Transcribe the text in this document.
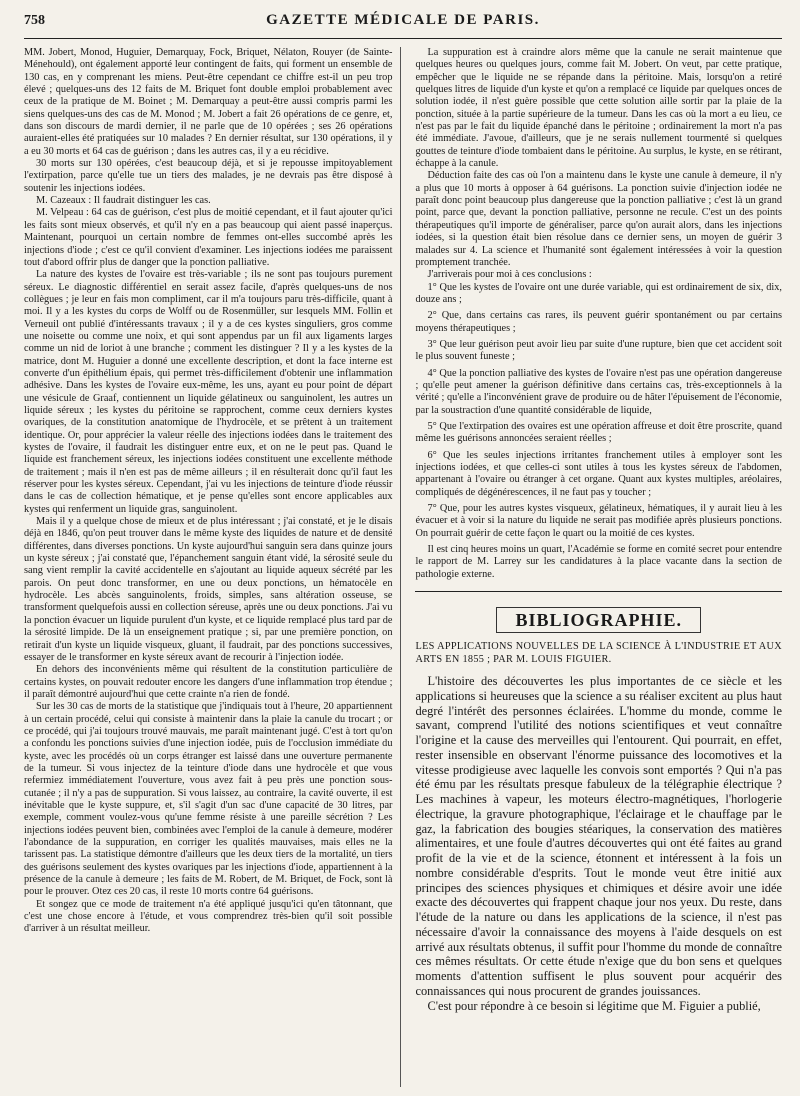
758	GAZETTE MÉDICALE DE PARIS.

MM. Jobert, Monod, Huguier, Demarquay, Fock, Briquet, Nélaton, Rouyer (de Sainte-Ménehould), ont également apporté leur contingent de faits, qui forment un ensemble de 130 cas, en y comprenant les miens. Peut-être cependant ce chiffre est-il un peu trop élevé ; quelques-uns des 12 faits de M. Briquet font double emploi probablement avec ceux de la pratique de M. Boinet ; M. Demarquay a peut-être aussi compris parmi les siens quelques-uns des cas de M. Monod ; M. Jobert a fait 26 opérations de ce genre, et, dans son discours de mardi dernier, il ne parle que de 10 opérées ; ses 26 opérations auraient-elles été pratiquées sur 10 malades ? En dernier résultat, sur 130 opérations, il y a eu 30 morts et 64 cas de guérison ; dans les autres cas, il y a eu récidive.

30 morts sur 130 opérées, c'est beaucoup déjà, et si je repousse impitoyablement l'extirpation, parce qu'elle tue un tiers des malades, je ne devrais pas être disposé à soutenir les injections iodées.

M. Cazeaux : Il faudrait distinguer les cas.

M. Velpeau : 64 cas de guérison, c'est plus de moitié cependant, et il faut ajouter qu'ici les faits sont mieux observés, et qu'il n'y en a pas beaucoup qui aient passé inaperçus. Maintenant, pourquoi un certain nombre de femmes ont-elles succombé après les injections d'iode ; c'est ce qu'il convient d'examiner. Les injections iodées me paraissent tout d'abord offrir plus de danger que la ponction palliative.

La nature des kystes de l'ovaire est très-variable ; ils ne sont pas toujours purement séreux. Le diagnostic différentiel en serait assez facile, d'après quelques-uns de nos collègues ; je leur en fais mon compliment, car il m'a toujours paru très-difficile, quant à moi. Il y a les kystes du corps de Wolff ou de Rosenmüller, sur lesquels MM. Follin et Verneuil ont publié d'intéressants travaux ; il y a de ces kystes singuliers, gros comme une noisette ou comme une noix, et qui sont appendus par un fil aux ligaments larges comme un nid de loriot à une branche ; comment les distinguer ? Il y a les kystes de la matrice, dont M. Huguier a donné une excellente description, et dont la face interne est converte d'un épithélium épais, qui permet très-difficilement d'obtenir une inflammation adhésive. Dans les kystes de l'ovaire eux-même, les uns, ayant eu pour point de départ une vésicule de Graaf, contiennent un liquide gélatineux ou sanguinolent, les autres un liquide séreux ; les kystes du péritoine se rapprochent, comme ceux derniers kystes ovariques, de la constitution anatomique de l'hydrocèle, et se prêtent à un traitement identique. Or, pour apprécier la valeur réelle des injections iodées dans le traitement des kystes de l'ovaire, il faudrait les distinguer entre eux, et on ne le peut pas. Quand le liquide est franchement séreux, les injections iodées constituent une excellente méthode de traitement ; mais il n'en est pas de même ailleurs ; il en résulterait donc qu'il faut les réserver pour les kystes séreux. Cependant, j'ai vu les injections de teinture d'iode réussir dans le cas de collection hématique, et je pense qu'elles sont encore applicables aux kystes qui renferment un liquide gras, sanguinolent.

Mais il y a quelque chose de mieux et de plus intéressant ; j'ai constaté, et je le disais déjà en 1846, qu'on peut trouver dans le même kyste des liquides de nature et de densité différentes, dans diverses ponctions. Un kyste aujourd'hui sanguin sera dans quinze jours un kyste séreux ; j'ai constaté que, l'épanchement sanguin étant vidé, la sérosité seule du sang vient remplir la cavité accidentelle en s'ajoutant au liquide aqueux sécrété par les parois. On peut donc transformer, en une ou deux ponctions, un hématocèle en hydrocèle. Les abcès sanguinolents, froids, simples, sans altération osseuse, se transforment quelquefois aussi en collection séreuse, après une ou deux ponctions. J'ai vu la ponction évacuer un liquide purulent d'un kyste, et ce liquide remplacé plus tard par de la sérosité limpide. De là un enseignement pratique ; si, par une première ponction, on retirait d'un kyste un liquide visqueux, gluant, il faudrait, par des ponctions successives, essayer de le transformer en kyste séreux avant de recourir à l'injection iodée.

En dehors des inconvénients même qui résultent de la constitution particulière de certains kystes, on pouvait redouter encore les dangers d'une inflammation trop étendue ; il paraît démontré aujourd'hui que cette crainte n'a rien de fondé.

Sur les 30 cas de morts de la statistique que j'indiquais tout à l'heure, 20 appartiennent à un certain procédé, celui qui consiste à maintenir dans la plaie la canule du trocart ; or ce procédé, qui j'ai toujours trouvé mauvais, me paraît maintenant jugé. C'est à tort qu'on a confondu les ponctions suivies d'une injection iodée, puis de l'occlusion immédiate du kyste, avec les procédés où un corps étranger est laissé dans une ouverture permanente de la tumeur. Si vous injectez de la teinture d'iode dans une hydrocèle et que vous refermiez immédiatement l'ouverture, vous avez fait à peu près une ponction sous-cutanée ; il n'y a pas de suppuration. Si vous laissez, au contraire, la cavité ouverte, il est inévitable que le kyste suppure, et, s'il s'agit d'un sac d'une capacité de 30 litres, par exemple, comment voulez-vous qu'une femme résiste à une pareille sécrétion ? Les injections iodées peuvent bien, combinées avec l'emploi de la canule à demeure, modérer l'abondance de la suppuration, en corriger les qualités mauvaises, mais elles ne la tarissent pas. La statistique démontre d'ailleurs que les deux tiers de la mortalité, un tiers des guérisons seulement des kystes ovariques par les injections d'iode, appartiennent à la présence de la canule à demeure ; les faits de M. Robert, de M. Briquet, de Fock, sont là pour le prouver. Otez ces 20 cas, il reste 10 morts contre 64 guérisons.

Et songez que ce mode de traitement n'a été appliqué jusqu'ici qu'en tâtonnant, que c'est une chose encore à l'étude, et vous comprendrez très-bien qu'il soit possible d'arriver à un résultat meilleur.

La suppuration est à craindre alors même que la canule ne serait maintenue que quelques heures ou quelques jours, comme fait M. Jobert. On veut, par cette pratique, empêcher que le liquide ne se répande dans la péritoine. Mais, lorsqu'on a retiré quelques litres de liquide d'un kyste et qu'on a remplacé ce liquide par quelques onces de solution iodée, il n'est guère possible que cette solution aille sortir par la plaie de la ponction, située à la partie supérieure de la tumeur. Dans les cas où la mort a eu lieu, ce n'est pas par le fait du liquide épanché dans le péritoine ; ordinairement la mort n'a pas été immédiate. J'avoue, d'ailleurs, que je ne serais nullement tourmenté si quelques gouttes de teinture d'iode tombaient dans le péritoine. Au surplus, le kyste, en se rétirant, échappe à la canule.

Déduction faite des cas où l'on a maintenu dans le kyste une canule à demeure, il n'y a plus que 10 morts à opposer à 64 guérisons. La ponction suivie d'injection iodée ne paraît donc point beaucoup plus dangereuse que la ponction palliative ; c'est là un grand point, parce que, devant la ponction palliative, personne ne recule. C'est un des points thérapeutiques qu'il importe de généraliser, parce qu'on aurait alors, dans les injections iodées, si la question était bien résolue dans ce dernier sens, un moyen de guérir 3 malades sur 4. La science et l'humanité sont également intéressées à voir la question promptement tranchée.

J'arriverais pour moi à ces conclusions :

1° Que les kystes de l'ovaire ont une durée variable, qui est ordinairement de six, dix, douze ans ;

2° Que, dans certains cas rares, ils peuvent guérir spontanément ou par certains moyens thérapeutiques ;

3° Que leur guérison peut avoir lieu par suite d'une rupture, bien que cet accident soit le plus souvent funeste ;

4° Que la ponction palliative des kystes de l'ovaire n'est pas une opération dangereuse ; qu'elle peut amener la guérison définitive dans certains cas, très-exceptionnels à la vérité ; qu'elle a l'inconvénient grave de produire ou de hâter l'épuisement de l'économie, par la soustraction d'une quantité considérable de liquide,

5° Que l'extirpation des ovaires est une opération affreuse et doit être proscrite, quand même les guérisons annoncées seraient réelles ;

6° Que les seules injections irritantes franchement utiles à employer sont les injections iodées, et que celles-ci sont utiles à tous les kystes séreux de l'abdomen, appartenant à l'ovaire ou étranger à cet organe. Quant aux kystes multiples, aréolaires, compliqués de dégénérescences, il ne faut pas y toucher ;

7° Que, pour les autres kystes visqueux, gélatineux, hématiques, il y aurait lieu à les évacuer et à voir si la nature du liquide ne serait pas modifiée après plusieurs ponctions. On pourrait guérir de cette façon le quart ou la moitié de ces kystes.

Il est cinq heures moins un quart, l'Académie se forme en comité secret pour entendre le rapport de M. Larrey sur les candidatures à la place vacante dans la section de pathologie externe.

BIBLIOGRAPHIE.
LES APPLICATIONS NOUVELLES DE LA SCIENCE À L'INDUSTRIE ET AUX ARTS EN 1855 ; PAR M. LOUIS FIGUIER.

L'histoire des découvertes les plus importantes de ce siècle et les applications si heureuses que la science a su réaliser excitent au plus haut degré l'intérêt des personnes éclairées. L'homme du monde, comme le savant, comprend l'utilité des notions scientifiques et veut connaître l'origine et la cause des merveilles qui l'entourent. Qui pourrait, en effet, rester insensible en observant l'énorme puissance des locomotives et la vitesse prodigieuse avec laquelle les convois sont emportés ? Qui n'a pas été ému par les résultats presque fabuleux de la télégraphie électrique ? Les machines à vapeur, les moteurs électro-magnétiques, l'horlogerie électrique, la gravure photographique, l'éclairage et le chauffage par le gaz, la fabrication des bougies stéariques, la conservation des matières alimentaires, et une foule d'autres découvertes qui ont été faites au grand profit de la vie et de la science, étonnent et intéressent à la fois un nombre considérable d'esprits. Tout le monde veut être initié aux principes des sciences physiques et chimiques et désire avoir une idée exacte des découvertes qui frappent chaque jour nos yeux. Du reste, dans l'étude de la nature ou dans les applications de la science, il n'est pas nécessaire d'avoir la connaissance des moyens à l'aide desquels on est arrivé aux résultats obtenus, il suffit pour l'homme du monde de connaître ces mêmes résultats. Or cette étude n'exige que du bon sens et quelques moments d'attention suffisent le plus souvent pour acquérir des connaissances qui nous procurent de grandes jouissances.

C'est pour répondre à ce besoin si légitime que M. Figuier a publié,
